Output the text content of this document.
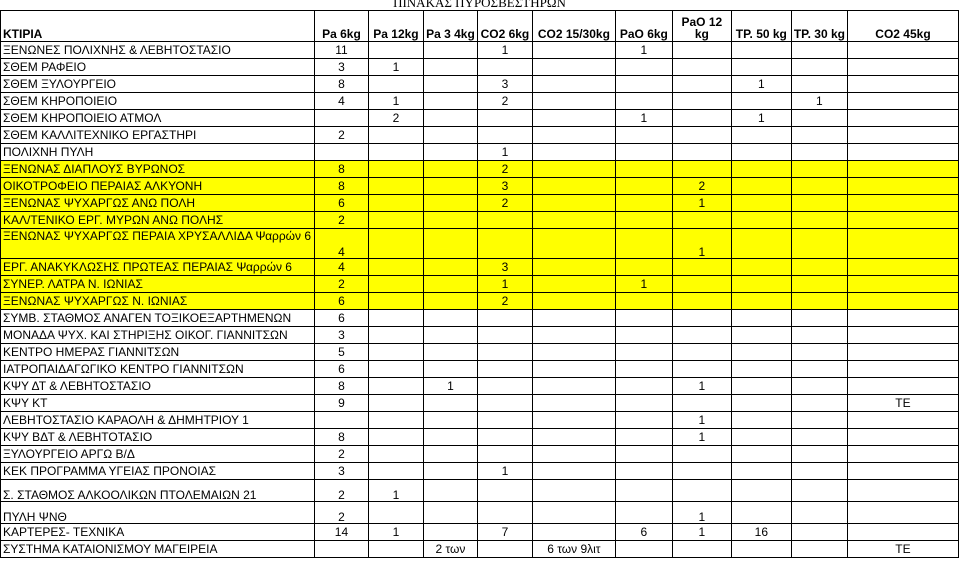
ΠΙΝΑΚΑΣ ΠΥΡΟΣΒΕΣΤΗΡΩΝ
ΚΤΙΡΙΑ	Pa 6kg	Pa 12kg	Pa 3 4kg	CO2 6kg	CO2 15/30kg	PaO 6kg	PaO 12 kg	TP. 50 kg	TP. 30 kg	CO2 45kg
ΞΕΝΩΝΕΣ ΠΟΛΙΧΝΗΣ & ΛΕΒΗΤΟΣΤΑΣΙΟ	11			1		1				
ΣΘΕΜ ΡΑΦΕΙΟ	3	1								
ΣΘΕΜ ΞΥΛΟΥΡΓΕΙΟ	8			3				1		
ΣΘΕΜ ΚΗΡΟΠΟΙΕΙΟ	4	1		2					1	
ΣΘΕΜ ΚΗΡΟΠΟΙΕΙΟ ΑΤΜΟΛ		2				1		1		
ΣΘΕΜ ΚΑΛΛΙΤΕΧΝΙΚΟ ΕΡΓΑΣΤΗΡΙ	2									
ΠΟΛΙΧΝΗ ΠΥΛΗ				1						
ΞΕΝΩΝΑΣ ΔΙΑΠΛΟΥΣ ΒΥΡΩΝΟΣ	8			2						
ΟΙΚΟΤΡΟΦΕΙΟ ΠΕΡΑΙΑΣ ΑΛΚΥΟΝΗ	8			3			2			
ΞΕΝΩΝΑΣ ΨΥΧΑΡΓΩΣ ΑΝΩ ΠΟΛΗ	6			2			1			
ΚΑΛ/ΤΕΝΙΚΟ ΕΡΓ. ΜΥΡΩΝ ΑΝΩ ΠΟΛΗΣ	2									
ΞΕΝΩΝΑΣ ΨΥΧΑΡΓΩΣ ΠΕΡΑΙΑ ΧΡΥΣΑΛΛΙΔΑ Ψαρρών 6	4						1			
ΕΡΓ. ΑΝΑΚΥΚΛΩΣΗΣ ΠΡΩΤΕΑΣ ΠΕΡΑΙΑΣ Ψαρρών 6	4			3						
ΣΥΝΕΡ. ΛΑΤΡΑ Ν. ΙΩΝΙΑΣ	2			1		1				
ΞΕΝΩΝΑΣ ΨΥΧΑΡΓΩΣ Ν. ΙΩΝΙΑΣ	6			2						
ΣΥΜΒ. ΣΤΑΘΜΟΣ ΑΝΑΓΕΝ ΤΟΞΙΚΟΕΞΑΡΤΗΜΕΝΩΝ	6									
ΜΟΝΑΔΑ ΨΥΧ. ΚΑΙ ΣΤΗΡΙΞΗΣ ΟΙΚΟΓ. ΓΙΑΝΝΙΤΣΩΝ	3									
ΚΕΝΤΡΟ ΗΜΕΡΑΣ ΓΙΑΝΝΙΤΣΩΝ	5									
ΙΑΤΡΟΠΑΙΔΑΓΩΓΙΚΟ ΚΕΝΤΡΟ ΓΙΑΝΝΙΤΣΩΝ	6									
ΚΨΥ ΔΤ & ΛΕΒΗΤΟΣΤΑΣΙΟ	8		1				1			
ΚΨΥ ΚΤ	9									TE
ΛΕΒΗΤΟΣΤΑΣΙΟ ΚΑΡΑΟΛΗ & ΔΗΜΗΤΡΙΟΥ 1							1			
ΚΨΥ ΒΔΤ & ΛΕΒΗΤΟΤΑΣΙΟ	8						1			
ΞΥΛΟΥΡΓΕΙΟ ΑΡΓΩ Β/Δ	2									
ΚΕΚ ΠΡΟΓΡΑΜΜΑ ΥΓΕΙΑΣ ΠΡΟΝΟΙΑΣ	3			1						
Σ. ΣΤΑΘΜΟΣ ΑΛΚΟΟΛΙΚΩΝ ΠΤΟΛΕΜΑΙΩΝ 21	2	1								
ΠΥΛΗ ΨΝΘ	2						1			
ΚΑΡΤΕΡΕΣ- ΤΕΧΝΙΚΑ	14	1		7		6	1	16		
ΣΥΣΤΗΜΑ ΚΑΤΑΙΟΝΙΣΜΟΥ ΜΑΓΕΙΡΕΙΑ			2 των		6 των 9λιτ					TE
